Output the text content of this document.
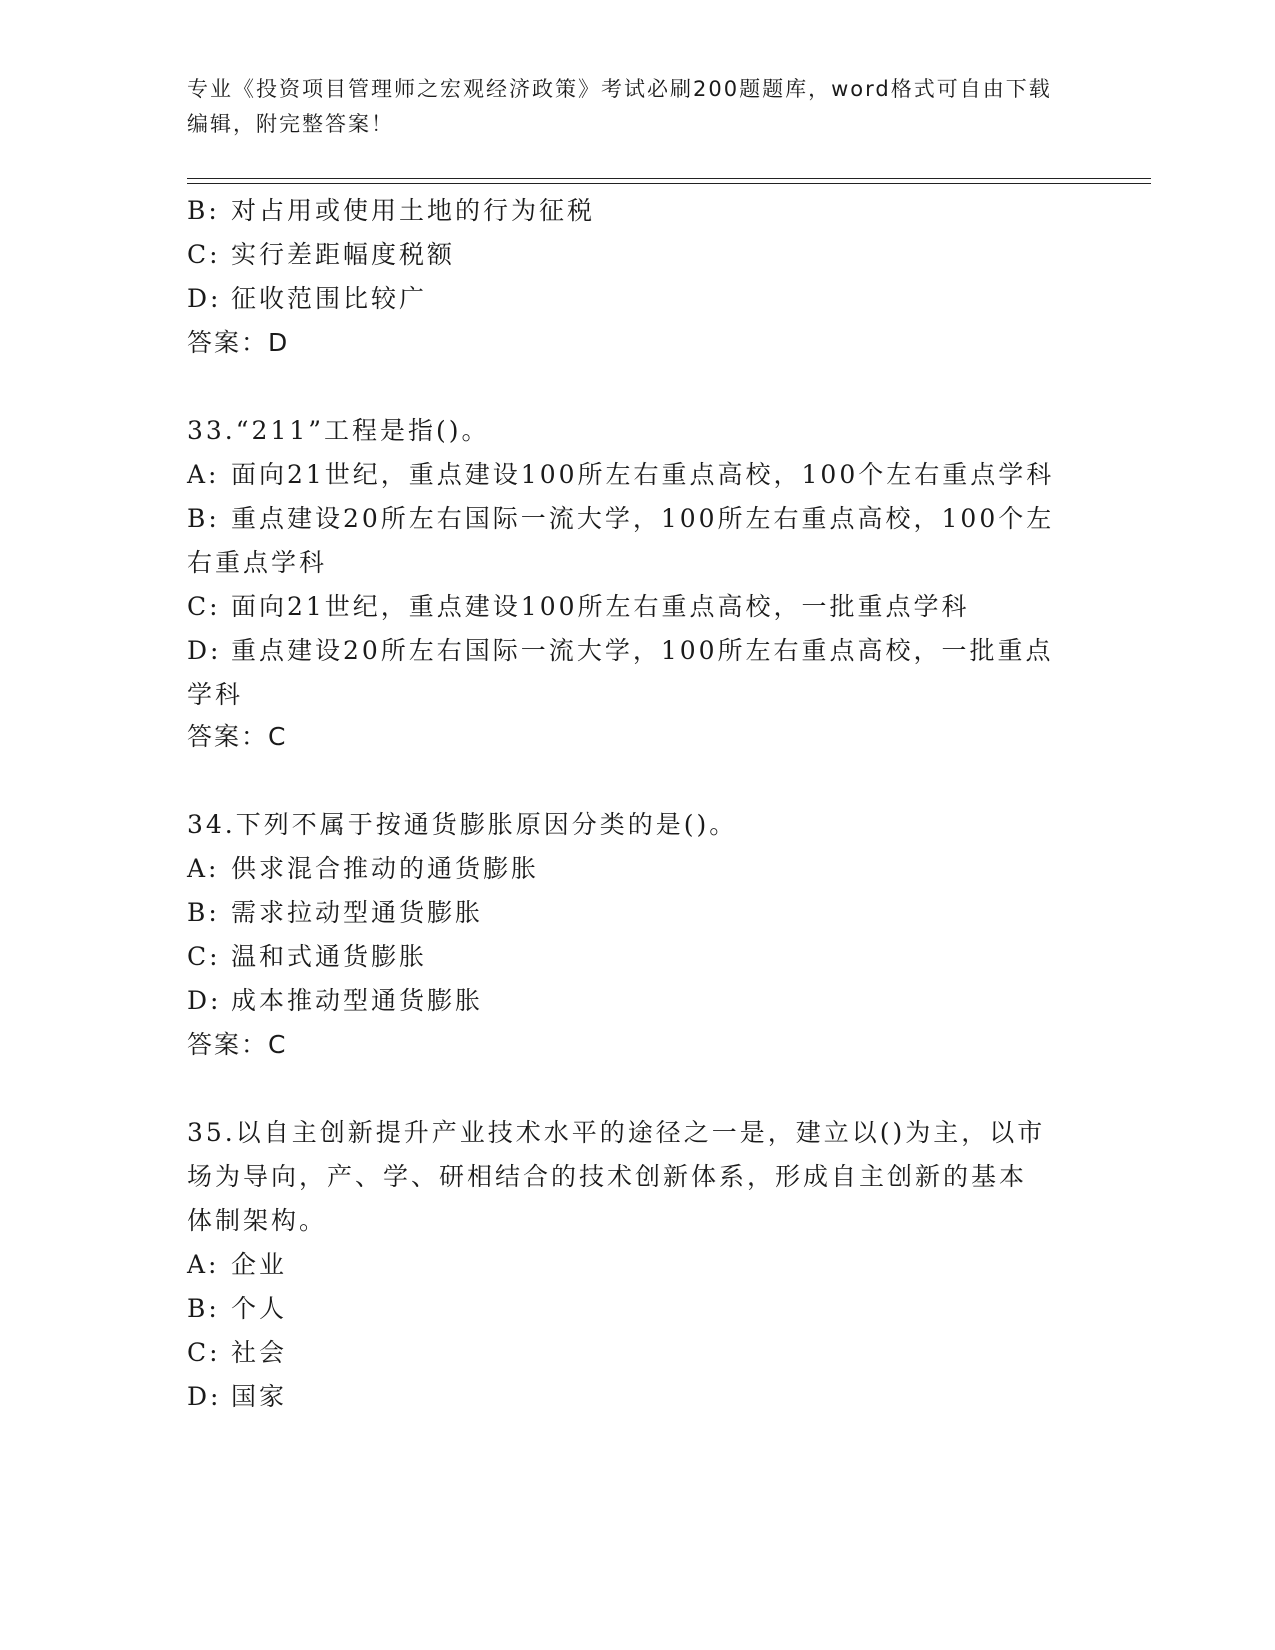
专业《投资项目管理师之宏观经济政策》考试必刷200题题库，word格式可自由下载编辑，附完整答案！
B: 对占用或使用土地的行为征税
C: 实行差距幅度税额
D: 征收范围比较广
答案：D
33.“211”工程是指()。
A: 面向21世纪，重点建设100所左右重点高校，100个左右重点学科
B: 重点建设20所左右国际一流大学，100所左右重点高校，100个左
右重点学科
C: 面向21世纪，重点建设100所左右重点高校，一批重点学科
D: 重点建设20所左右国际一流大学，100所左右重点高校，一批重点
学科
答案：C
34.下列不属于按通货膨胀原因分类的是()。
A: 供求混合推动的通货膨胀
B: 需求拉动型通货膨胀
C: 温和式通货膨胀
D: 成本推动型通货膨胀
答案：C
35.以自主创新提升产业技术水平的途径之一是，建立以()为主，以市
场为导向，产、学、研相结合的技术创新体系，形成自主创新的基本
体制架构。
A: 企业
B: 个人
C: 社会
D: 国家
